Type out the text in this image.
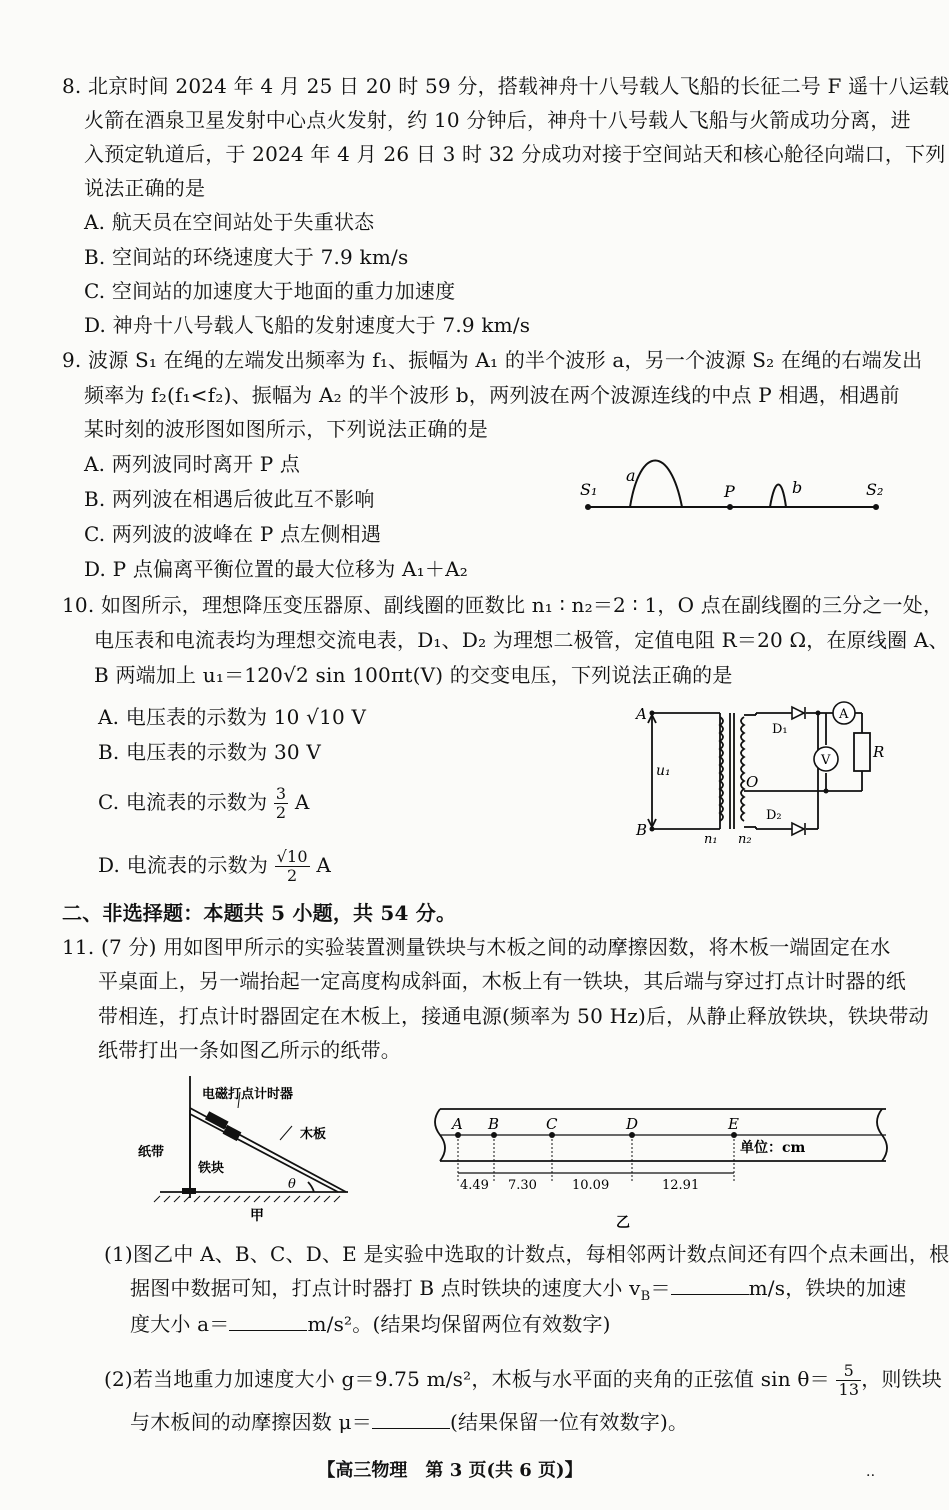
8. 北京时间 2024 年 4 月 25 日 20 时 59 分，搭载神舟十八号载人飞船的长征二号 F 遥十八运载
火箭在酒泉卫星发射中心点火发射，约 10 分钟后，神舟十八号载人飞船与火箭成功分离，进
入预定轨道后，于 2024 年 4 月 26 日 3 时 32 分成功对接于空间站天和核心舱径向端口，下列
说法正确的是
A. 航天员在空间站处于失重状态
B. 空间站的环绕速度大于 7.9 km/s
C. 空间站的加速度大于地面的重力加速度
D. 神舟十八号载人飞船的发射速度大于 7.9 km/s
9. 波源 S₁ 在绳的左端发出频率为 f₁、振幅为 A₁ 的半个波形 a，另一个波源 S₂ 在绳的右端发出
频率为 f₂(f₁<f₂)、振幅为 A₂ 的半个波形 b，两列波在两个波源连线的中点 P 相遇，相遇前
某时刻的波形图如图所示，下列说法正确的是
A. 两列波同时离开 P 点
B. 两列波在相遇后彼此互不影响
C. 两列波的波峰在 P 点左侧相遇
D. P 点偏离平衡位置的最大位移为 A₁＋A₂
S₁
a
P	b	S₂
10. 如图所示，理想降压变压器原、副线圈的匝数比 n₁ ∶ n₂＝2 ∶ 1，O 点在副线圈的三分之一处，
电压表和电流表均为理想交流电表，D₁、D₂ 为理想二极管，定值电阻 R＝20 Ω，在原线圈 A、
B 两端加上 u₁＝120√2 sin 100πt(V) 的交变电压，下列说法正确的是
A. 电压表的示数为 10 √10 V
B. 电压表的示数为 30 V
C. 电流表的示数为 $\frac{3}{2}$ A
D. 电流表的示数为 $\frac{√10}{2}$ A
A
B
u₁
n₁ n₂
O
D₁
D₂
V
A
R
二、非选择题：本题共 5 小题，共 54 分。
11. (7 分) 用如图甲所示的实验装置测量铁块与木板之间的动摩擦因数，将木板一端固定在水
平桌面上，另一端抬起一定高度构成斜面，木板上有一铁块，其后端与穿过打点计时器的纸
带相连，打点计时器固定在木板上，接通电源(频率为 50 Hz)后，从静止释放铁块，铁块带动
纸带打出一条如图乙所示的纸带。
电磁打点计时器
纸带
木板
铁块
θ
甲
A B	C	D	E
单位：cm
4.49 7.30	10.09	12.91
乙
(1)图乙中 A、B、C、D、E 是实验中选取的计数点，每相邻两计数点间还有四个点未画出，根
据图中数据可知，打点计时器打 B 点时铁块的速度大小 $v_B=$	m/s，铁块的加速
度大小 a＝	m/s²。(结果均保留两位有效数字)
(2)若当地重力加速度大小 g＝9.75 m/s²，木板与水平面的夹角的正弦值 $\sin \theta= \frac{5}{13}$ ，则铁块
与木板间的动摩擦因数 μ＝	(结果保留一位有效数字)。
【高三物理　第 3 页(共 6 页)】	..
